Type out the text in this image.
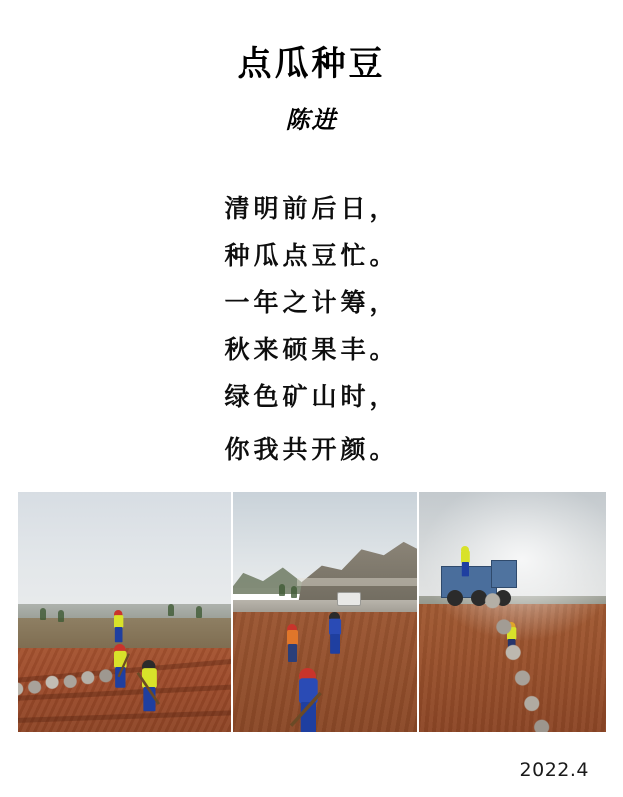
点瓜种豆
陈进
清明前后日，
种瓜点豆忙。
一年之计筹，
秋来硕果丰。
绿色矿山时，
你我共开颜。
2022.4
